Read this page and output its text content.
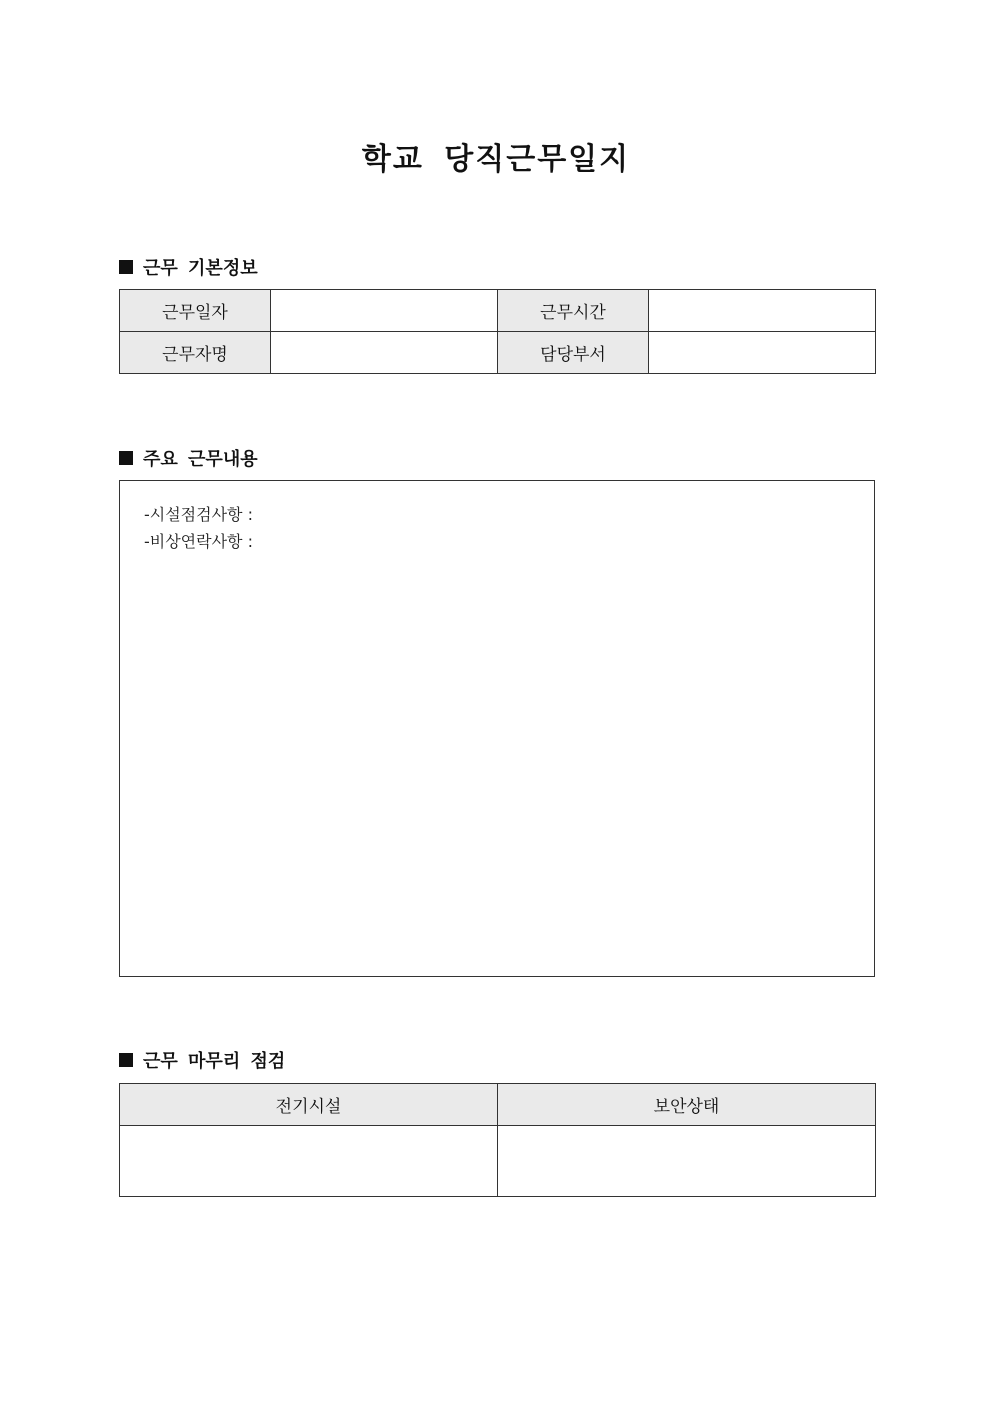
학교 당직근무일지
근무 기본정보
근무일자		근무시간	
근무자명		담당부서	
주요 근무내용
-시설점검사항 :
-비상연락사항 :
근무 마무리 점검
전기시설	보안상태
